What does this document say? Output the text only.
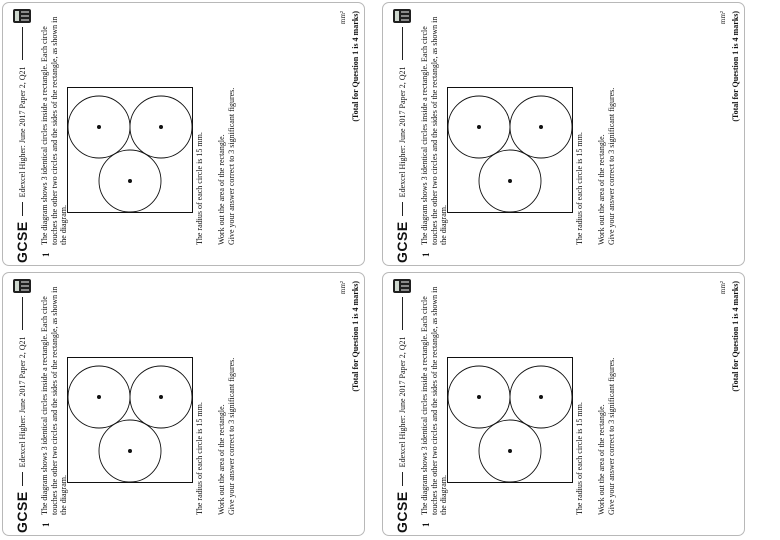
GCSE
Edexcel Higher: June 2017 Paper 2, Q21
1
The diagram shows 3 identical circles inside a rectangle. Each circle touches the other two circles and the sides of the rectangle, as shown in the diagram.	The radius of each circle is 15 mm. Work out the area of the rectangle. Give your answer correct to 3 significant figures.
mm² (Total for Question 1 is 4 marks)
GCSE
Edexcel Higher: June 2017 Paper 2, Q21
1
The diagram shows 3 identical circles inside a rectangle. Each circle touches the other two circles and the sides of the rectangle, as shown in the diagram.	The radius of each circle is 15 mm. Work out the area of the rectangle. Give your answer correct to 3 significant figures.
mm² (Total for Question 1 is 4 marks)
GCSE
Edexcel Higher: June 2017 Paper 2, Q21
1
The diagram shows 3 identical circles inside a rectangle. Each circle touches the other two circles and the sides of the rectangle, as shown in the diagram.	The radius of each circle is 15 mm. Work out the area of the rectangle. Give your answer correct to 3 significant figures.
mm² (Total for Question 1 is 4 marks)
GCSE
Edexcel Higher: June 2017 Paper 2, Q21
1
The diagram shows 3 identical circles inside a rectangle. Each circle touches the other two circles and the sides of the rectangle, as shown in the diagram.	The radius of each circle is 15 mm. Work out the area of the rectangle. Give your answer correct to 3 significant figures.
mm² (Total for Question 1 is 4 marks)
